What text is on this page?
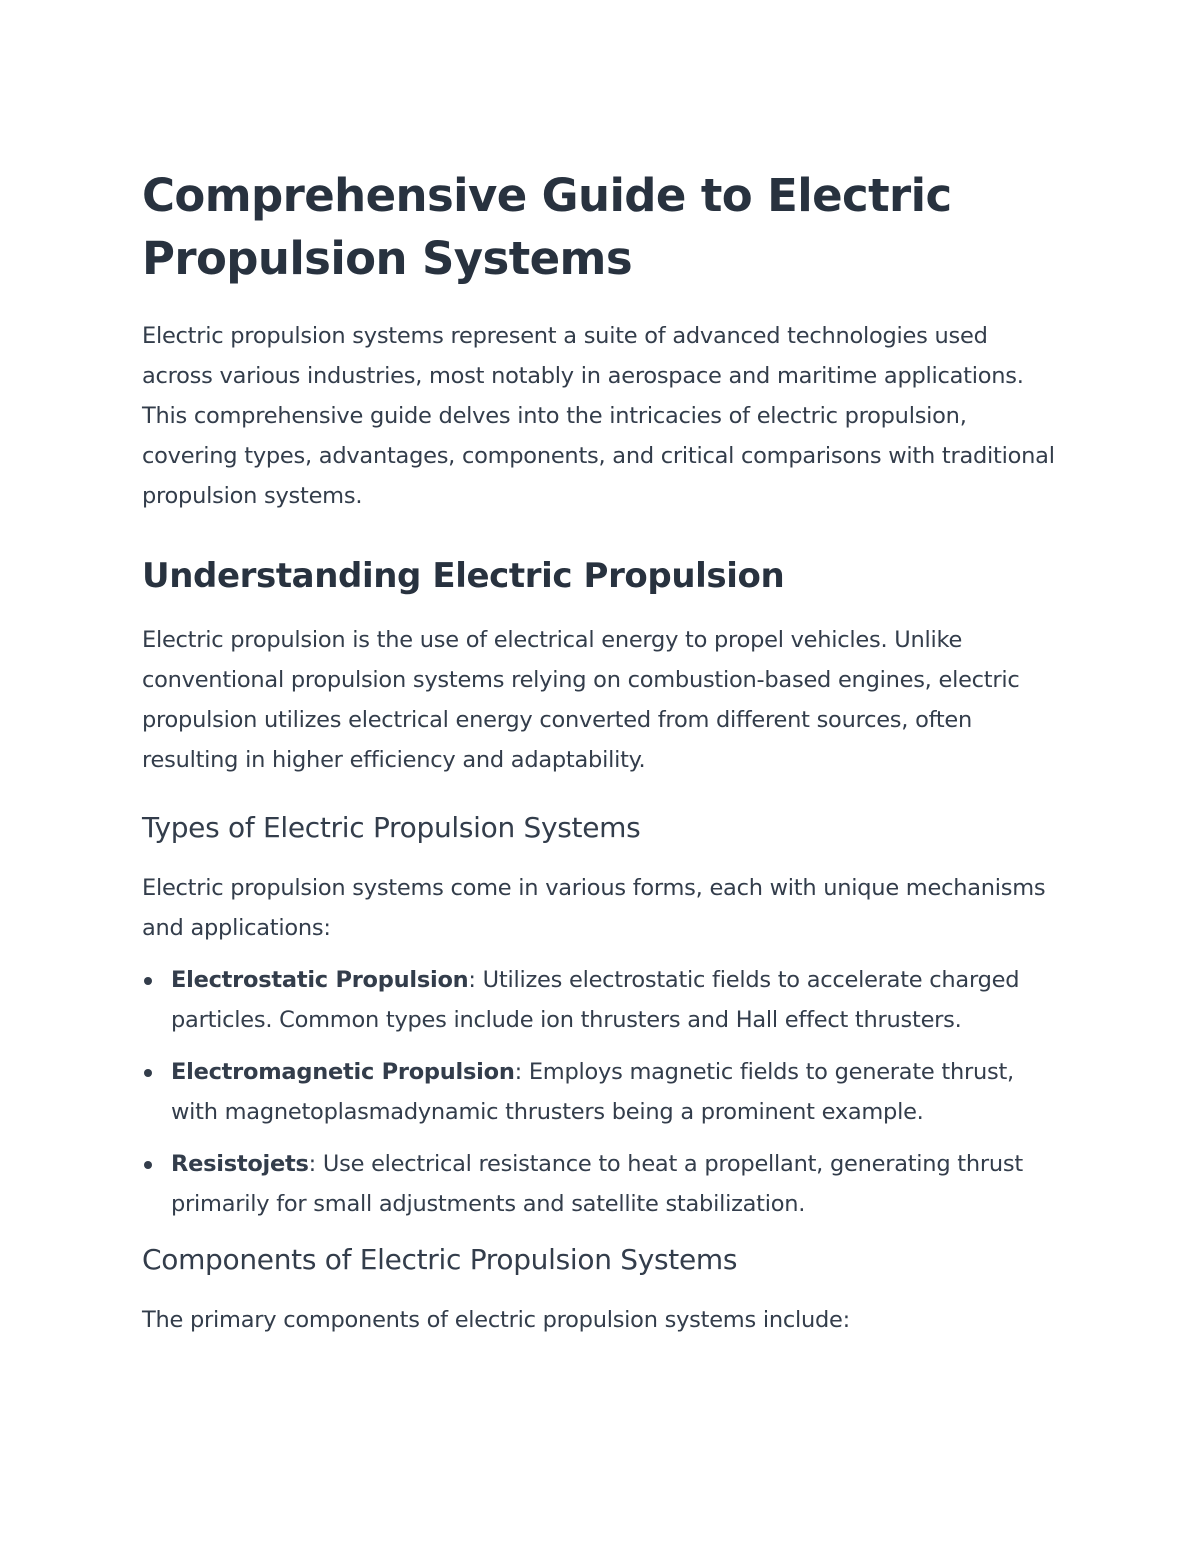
Comprehensive Guide to Electric Propulsion Systems

Electric propulsion systems represent a suite of advanced technologies used across various industries, most notably in aerospace and maritime applications. This comprehensive guide delves into the intricacies of electric propulsion, covering types, advantages, components, and critical comparisons with traditional propulsion systems.

Understanding Electric Propulsion

Electric propulsion is the use of electrical energy to propel vehicles. Unlike conventional propulsion systems relying on combustion-based engines, electric propulsion utilizes electrical energy converted from different sources, often resulting in higher efficiency and adaptability.

Types of Electric Propulsion Systems

Electric propulsion systems come in various forms, each with unique mechanisms and applications:

Electrostatic Propulsion: Utilizes electrostatic fields to accelerate charged particles. Common types include ion thrusters and Hall effect thrusters.
Electromagnetic Propulsion: Employs magnetic fields to generate thrust, with magnetoplasmadynamic thrusters being a prominent example.
Resistojets: Use electrical resistance to heat a propellant, generating thrust primarily for small adjustments and satellite stabilization.
Components of Electric Propulsion Systems

The primary components of electric propulsion systems include:
